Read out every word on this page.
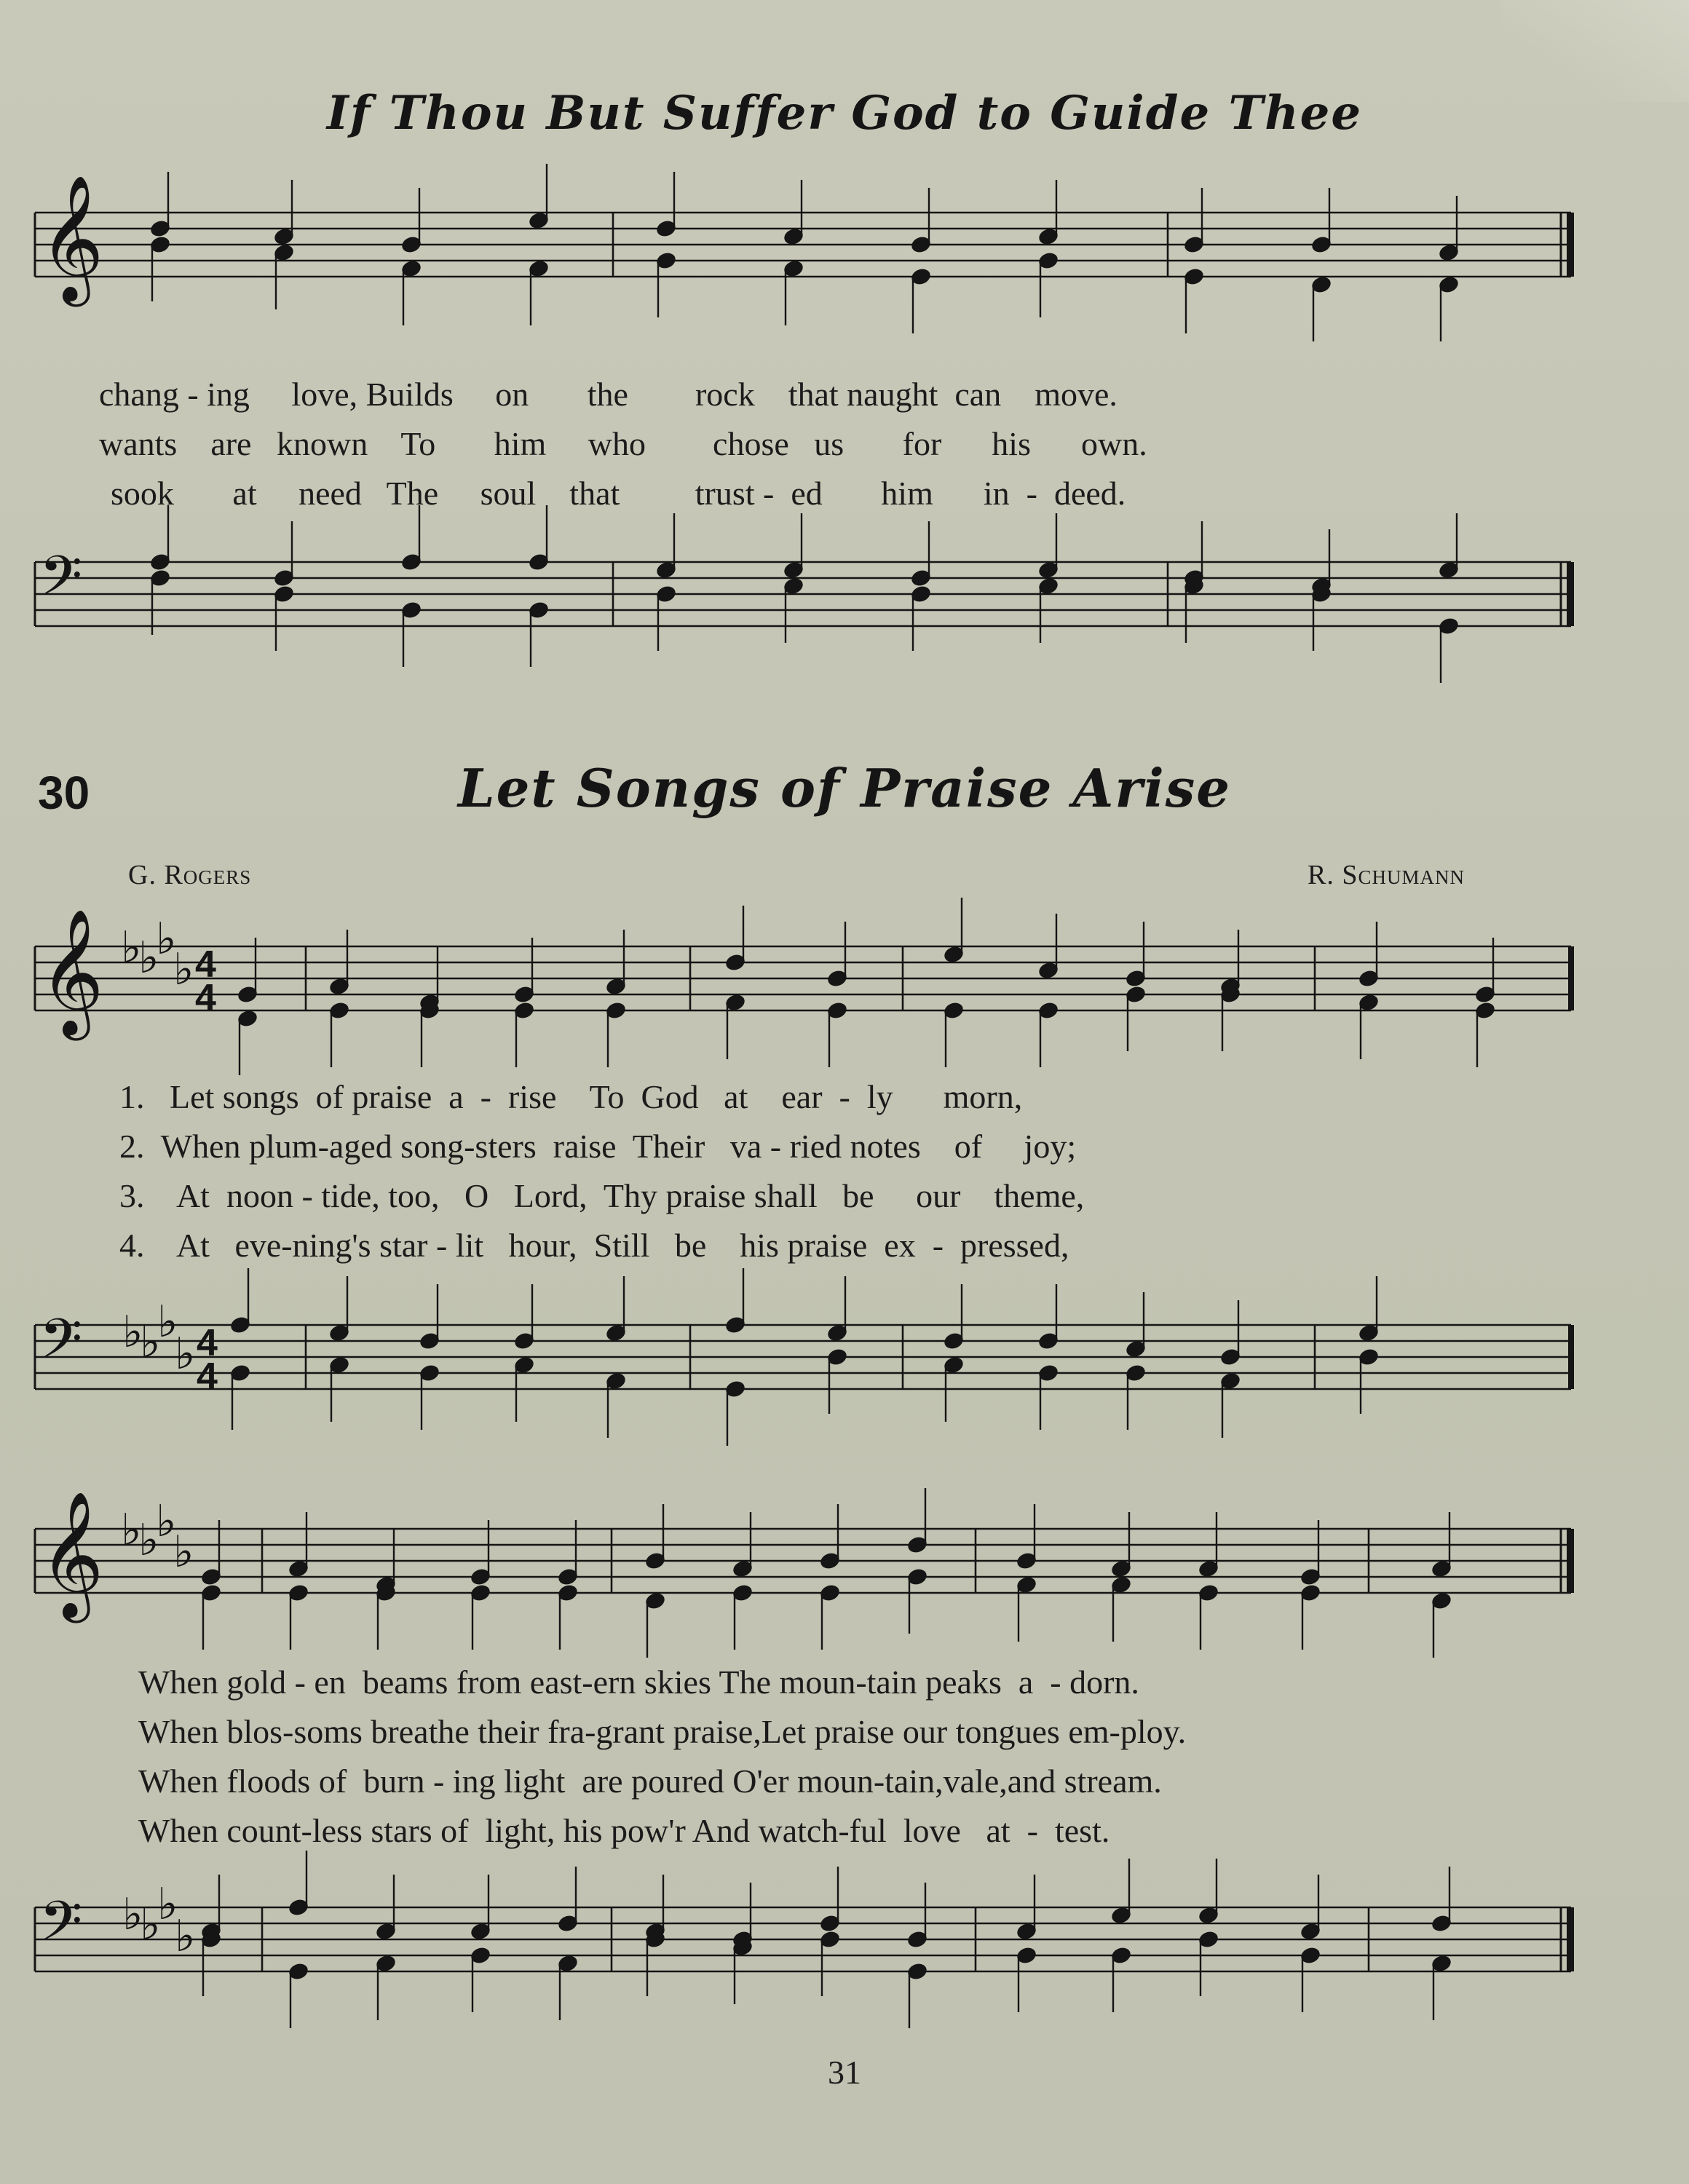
If Thou But Suffer God to Guide Thee
𝄞
chang - ing     love, Builds     on       the        rock    that naught  can    move.
wants    are   known    To       him     who        chose   us       for      his      own.
sook       at     need   The     soul    that         trust -  ed       him      in  -  deed.
𝄢
30	Let Songs of Praise Arise
G. Rogers	R. Schumann
𝄞 ♭
♭
♭
♭ 4
4
1.   Let songs  of praise  a  -  rise    To  God   at    ear  -  ly      morn,
2.  When plum-aged song-sters  raise  Their   va - ried notes    of     joy;
3.    At  noon - tide, too,   O   Lord,  Thy praise shall   be     our    theme,
4.    At   eve-ning's star - lit   hour,  Still   be    his praise  ex  -  pressed,
𝄢 ♭
♭
♭
♭ 4
4
𝄞 ♭
♭
♭
♭
When gold - en  beams from east-ern skies The moun-tain peaks  a  - dorn.
When blos-soms breathe their fra-grant praise,Let praise our tongues em-ploy.
When floods of  burn - ing light  are poured O'er moun-tain,vale,and stream.
When count-less stars of  light, his pow'r And watch-ful  love   at  -  test.
𝄢 ♭
♭
♭
♭
31
